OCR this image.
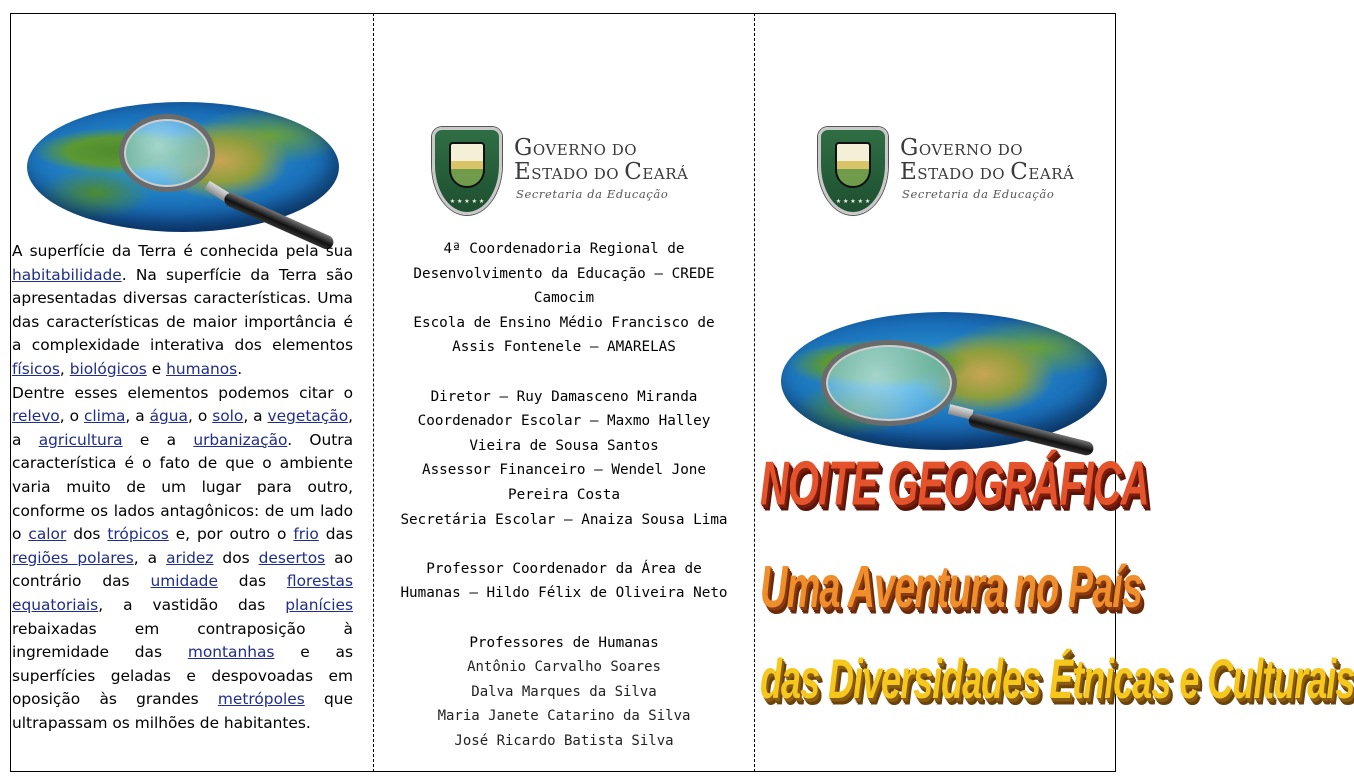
A superfície da Terra é conhecida pela sua habitabilidade. Na superfície da Terra são apresentadas diversas características. Uma das características de maior importância é a complexidade interativa dos elementos físicos, biológicos e humanos.

Dentre esses elementos podemos citar o relevo, o clima, a água, o solo, a vegetação, a agricultura e a urbanização. Outra característica é o fato de que o ambiente varia muito de um lugar para outro, conforme os lados antagônicos: de um lado o calor dos trópicos e, por outro o frio das regiões polares, a aridez dos desertos ao contrário das umidade das florestas equatoriais, a vastidão das planícies rebaixadas em contraposição à ingremidade das montanhas e as superfícies geladas e despovoadas em oposição às grandes metrópoles que ultrapassam os milhões de habitantes.

★ ★ ★ ★ ★
GOVERNO DO
ESTADO DO CEARÁ
Secretaria da Educação
4ª Coordenadoria Regional de
Desenvolvimento da Educação – CREDE
Camocim
Escola de Ensino Médio Francisco de
Assis Fontenele – AMARELAS
Diretor – Ruy Damasceno Miranda
Coordenador Escolar – Maxmo Halley
Vieira de Sousa Santos
Assessor Financeiro – Wendel Jone
Pereira Costa
Secretária Escolar – Anaiza Sousa Lima
Professor Coordenador da Área de
Humanas – Hildo Félix de Oliveira Neto
Professores de Humanas
Antônio Carvalho Soares
Dalva Marques da Silva
Maria Janete Catarino da Silva
José Ricardo Batista Silva
★ ★ ★ ★ ★
GOVERNO DO
ESTADO DO CEARÁ
Secretaria da Educação
NOITE GEOGRÁFICA
Uma Aventura no País
das Diversidades Étnicas e Culturais
